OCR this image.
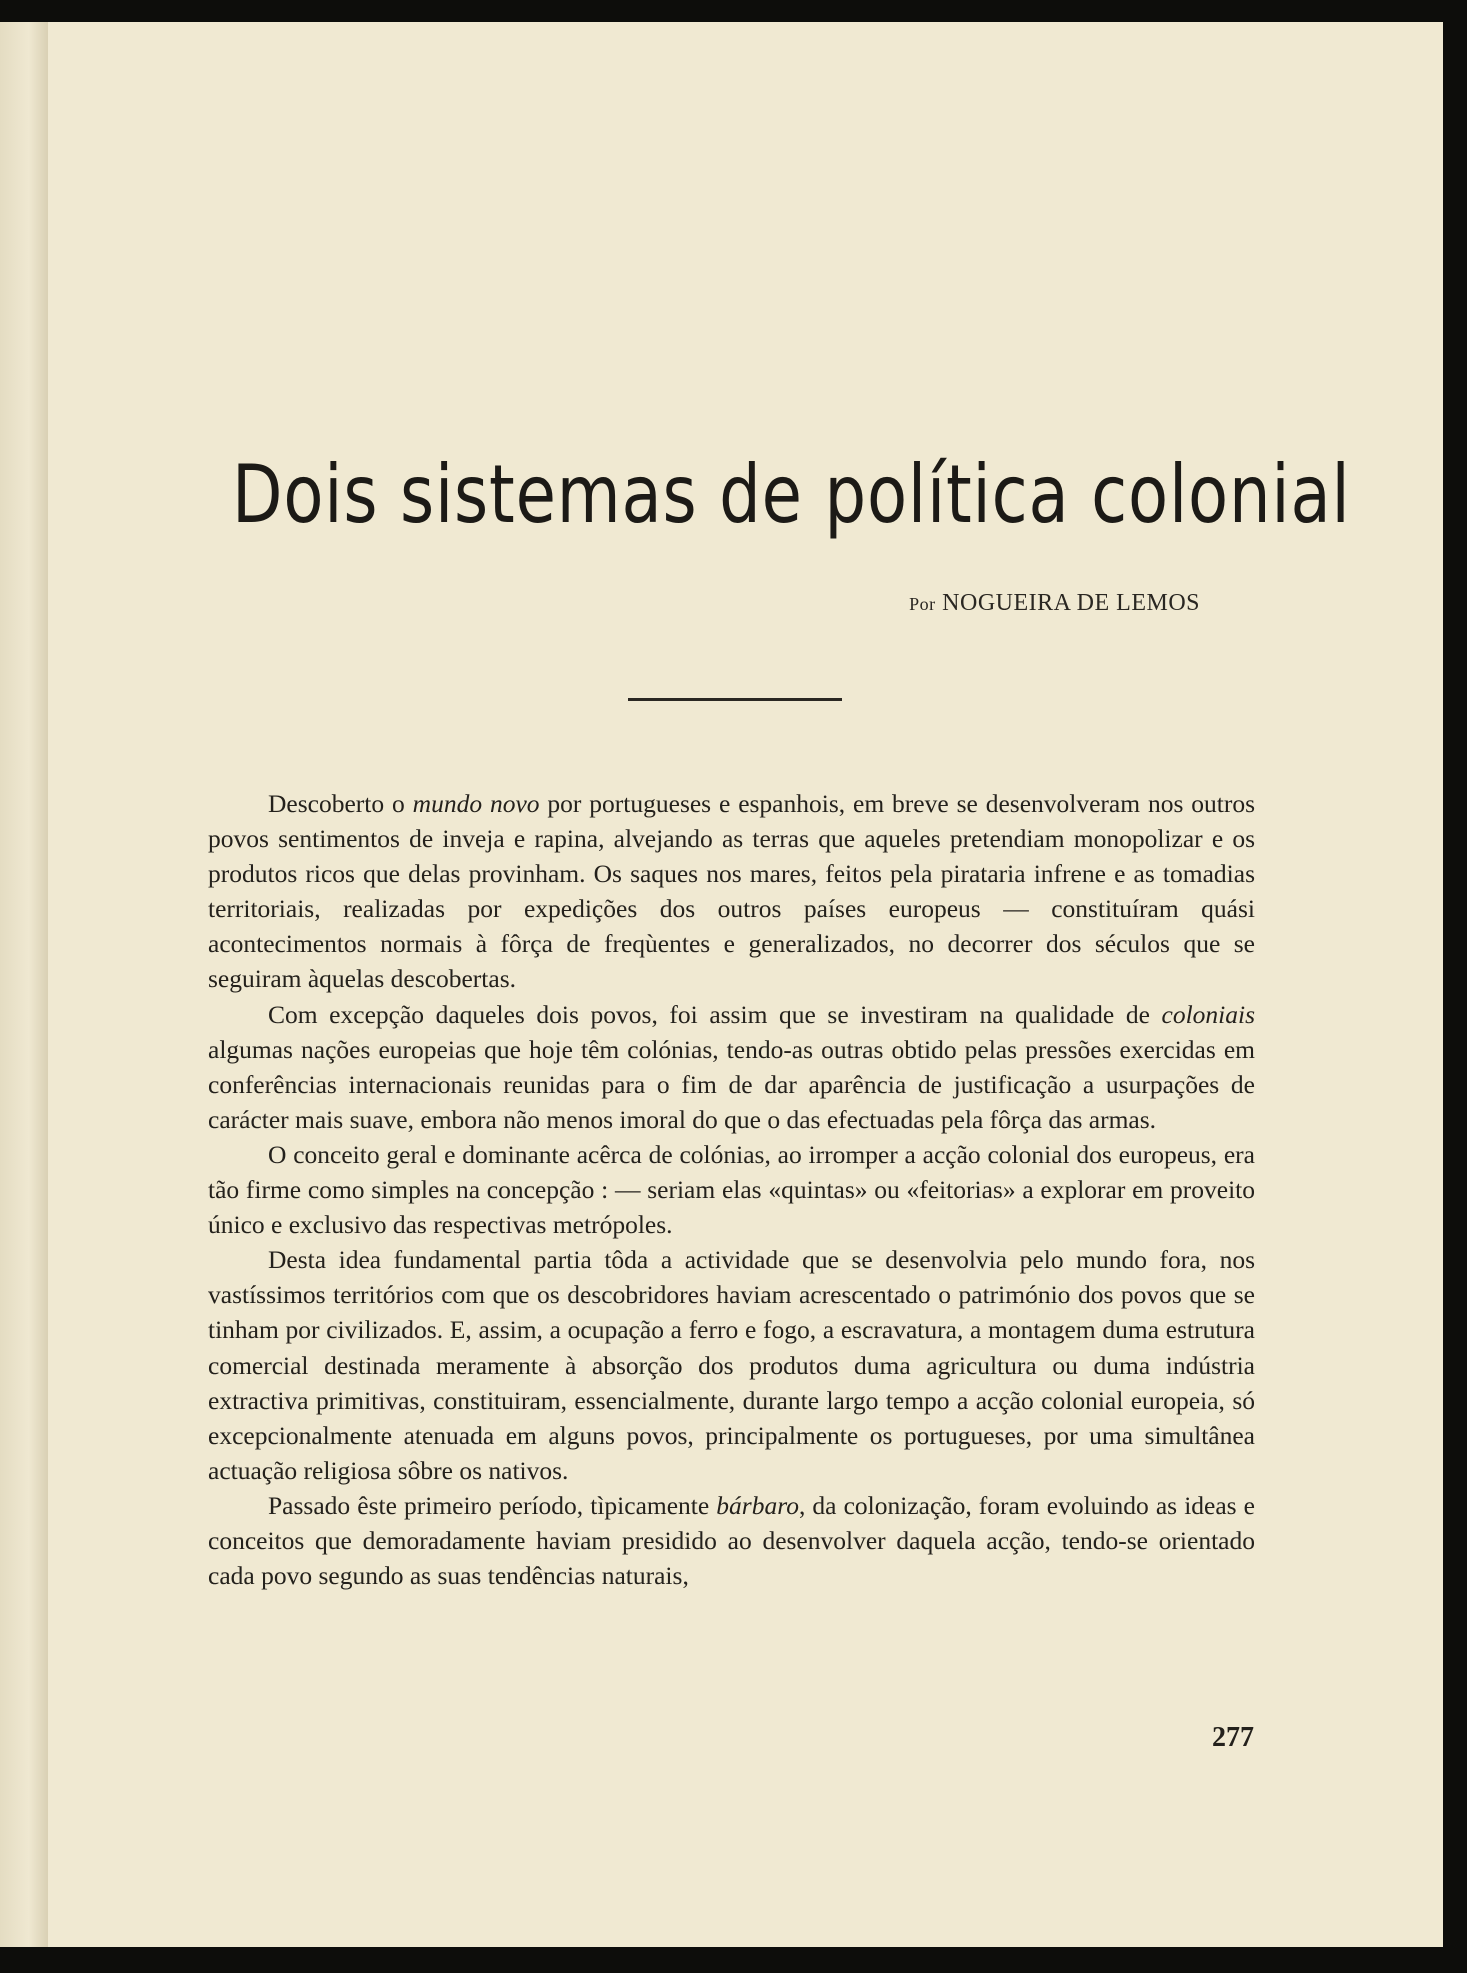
Dois sistemas de política colonial
Por NOGUEIRA DE LEMOS

Descoberto o mundo novo por portugueses e espanhois, em breve se desenvolveram nos outros povos sentimentos de inveja e rapina, alvejando as terras que aqueles pretendiam monopolizar e os produtos ricos que delas provinham. Os saques nos mares, feitos pela pirataria infrene e as tomadias territoriais, realizadas por expedições dos outros países europeus — constituíram quási acontecimentos normais à fôrça de freqùentes e generalizados, no decorrer dos séculos que se seguiram àquelas descobertas.

Com excepção daqueles dois povos, foi assim que se investiram na qualidade de coloniais algumas nações europeias que hoje têm colónias, tendo-as outras obtido pelas pressões exercidas em conferências internacionais reunidas para o fim de dar aparência de justificação a usurpações de carácter mais suave, embora não menos imoral do que o das efectuadas pela fôrça das armas.

O conceito geral e dominante acêrca de colónias, ao irromper a acção colonial dos europeus, era tão firme como simples na concepção : — seriam elas «quintas» ou «feitorias» a explorar em proveito único e exclusivo das respectivas metrópoles.

Desta idea fundamental partia tôda a actividade que se desenvolvia pelo mundo fora, nos vastíssimos territórios com que os descobridores haviam acrescentado o património dos povos que se tinham por civilizados. E, assim, a ocupação a ferro e fogo, a escravatura, a montagem duma estrutura comercial destinada meramente à absorção dos produtos duma agricultura ou duma indústria extractiva primitivas, constituiram, essencialmente, durante largo tempo a acção colonial europeia, só excepcionalmente atenuada em alguns povos, principalmente os portugueses, por uma simultânea actuação religiosa sôbre os nativos.

Passado êste primeiro período, tìpicamente bárbaro, da colonização, foram evoluindo as ideas e conceitos que demoradamente haviam presidido ao desenvolver daquela acção, tendo-se orientado cada povo segundo as suas tendências naturais,

277
